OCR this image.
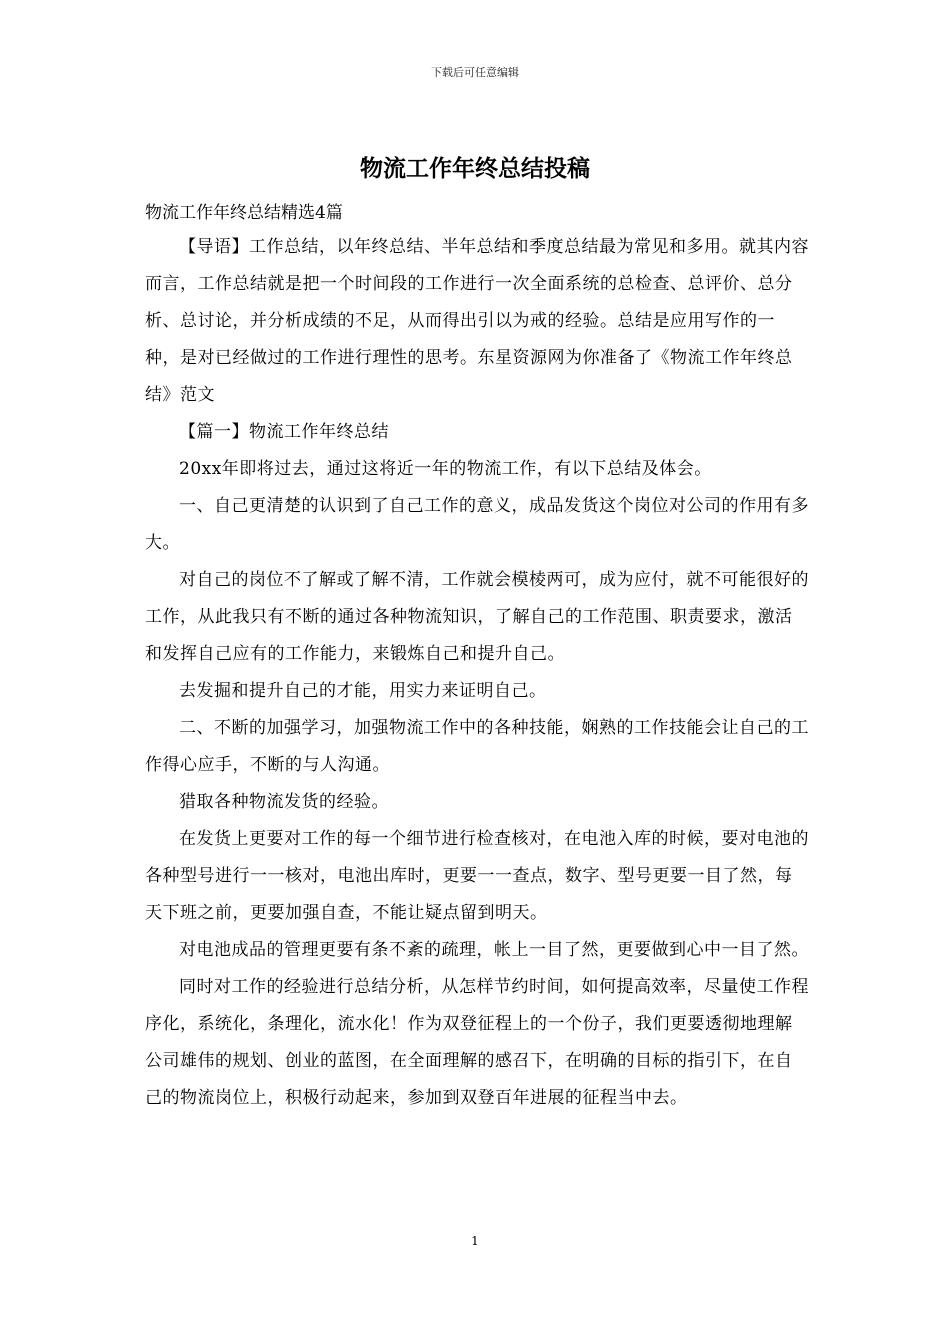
下载后可任意编辑
物流工作年终总结投稿
物流工作年终总结精选4篇

【导语】工作总结，以年终总结、半年总结和季度总结最为常见和多用。就其内容而言，工作总结就是把一个时间段的工作进行一次全面系统的总检查、总评价、总分析、总讨论，并分析成绩的不足，从而得出引以为戒的经验。总结是应用写作的一种，是对已经做过的工作进行理性的思考。东星资源网为你准备了《物流工作年终总结》范文

【篇一】物流工作年终总结

20xx年即将过去，通过这将近一年的物流工作，有以下总结及体会。

一、自己更清楚的认识到了自己工作的意义，成品发货这个岗位对公司的作用有多大。

对自己的岗位不了解或了解不清，工作就会模棱两可，成为应付，就不可能很好的工作，从此我只有不断的通过各种物流知识，了解自己的工作范围、职责要求，激活和发挥自己应有的工作能力，来锻炼自己和提升自己。

去发掘和提升自己的才能，用实力来证明自己。

二、不断的加强学习，加强物流工作中的各种技能，娴熟的工作技能会让自己的工作得心应手，不断的与人沟通。

猎取各种物流发货的经验。

在发货上更要对工作的每一个细节进行检查核对，在电池入库的时候，要对电池的各种型号进行一一核对，电池出库时，更要一一查点，数字、型号更要一目了然，每天下班之前，更要加强自查，不能让疑点留到明天。

对电池成品的管理更要有条不紊的疏理，帐上一目了然，更要做到心中一目了然。

同时对工作的经验进行总结分析，从怎样节约时间，如何提高效率，尽量使工作程序化，系统化，条理化，流水化！作为双登征程上的一个份子，我们更要透彻地理解公司雄伟的规划、创业的蓝图，在全面理解的感召下，在明确的目标的指引下，在自己的物流岗位上，积极行动起来，参加到双登百年进展的征程当中去。

1
